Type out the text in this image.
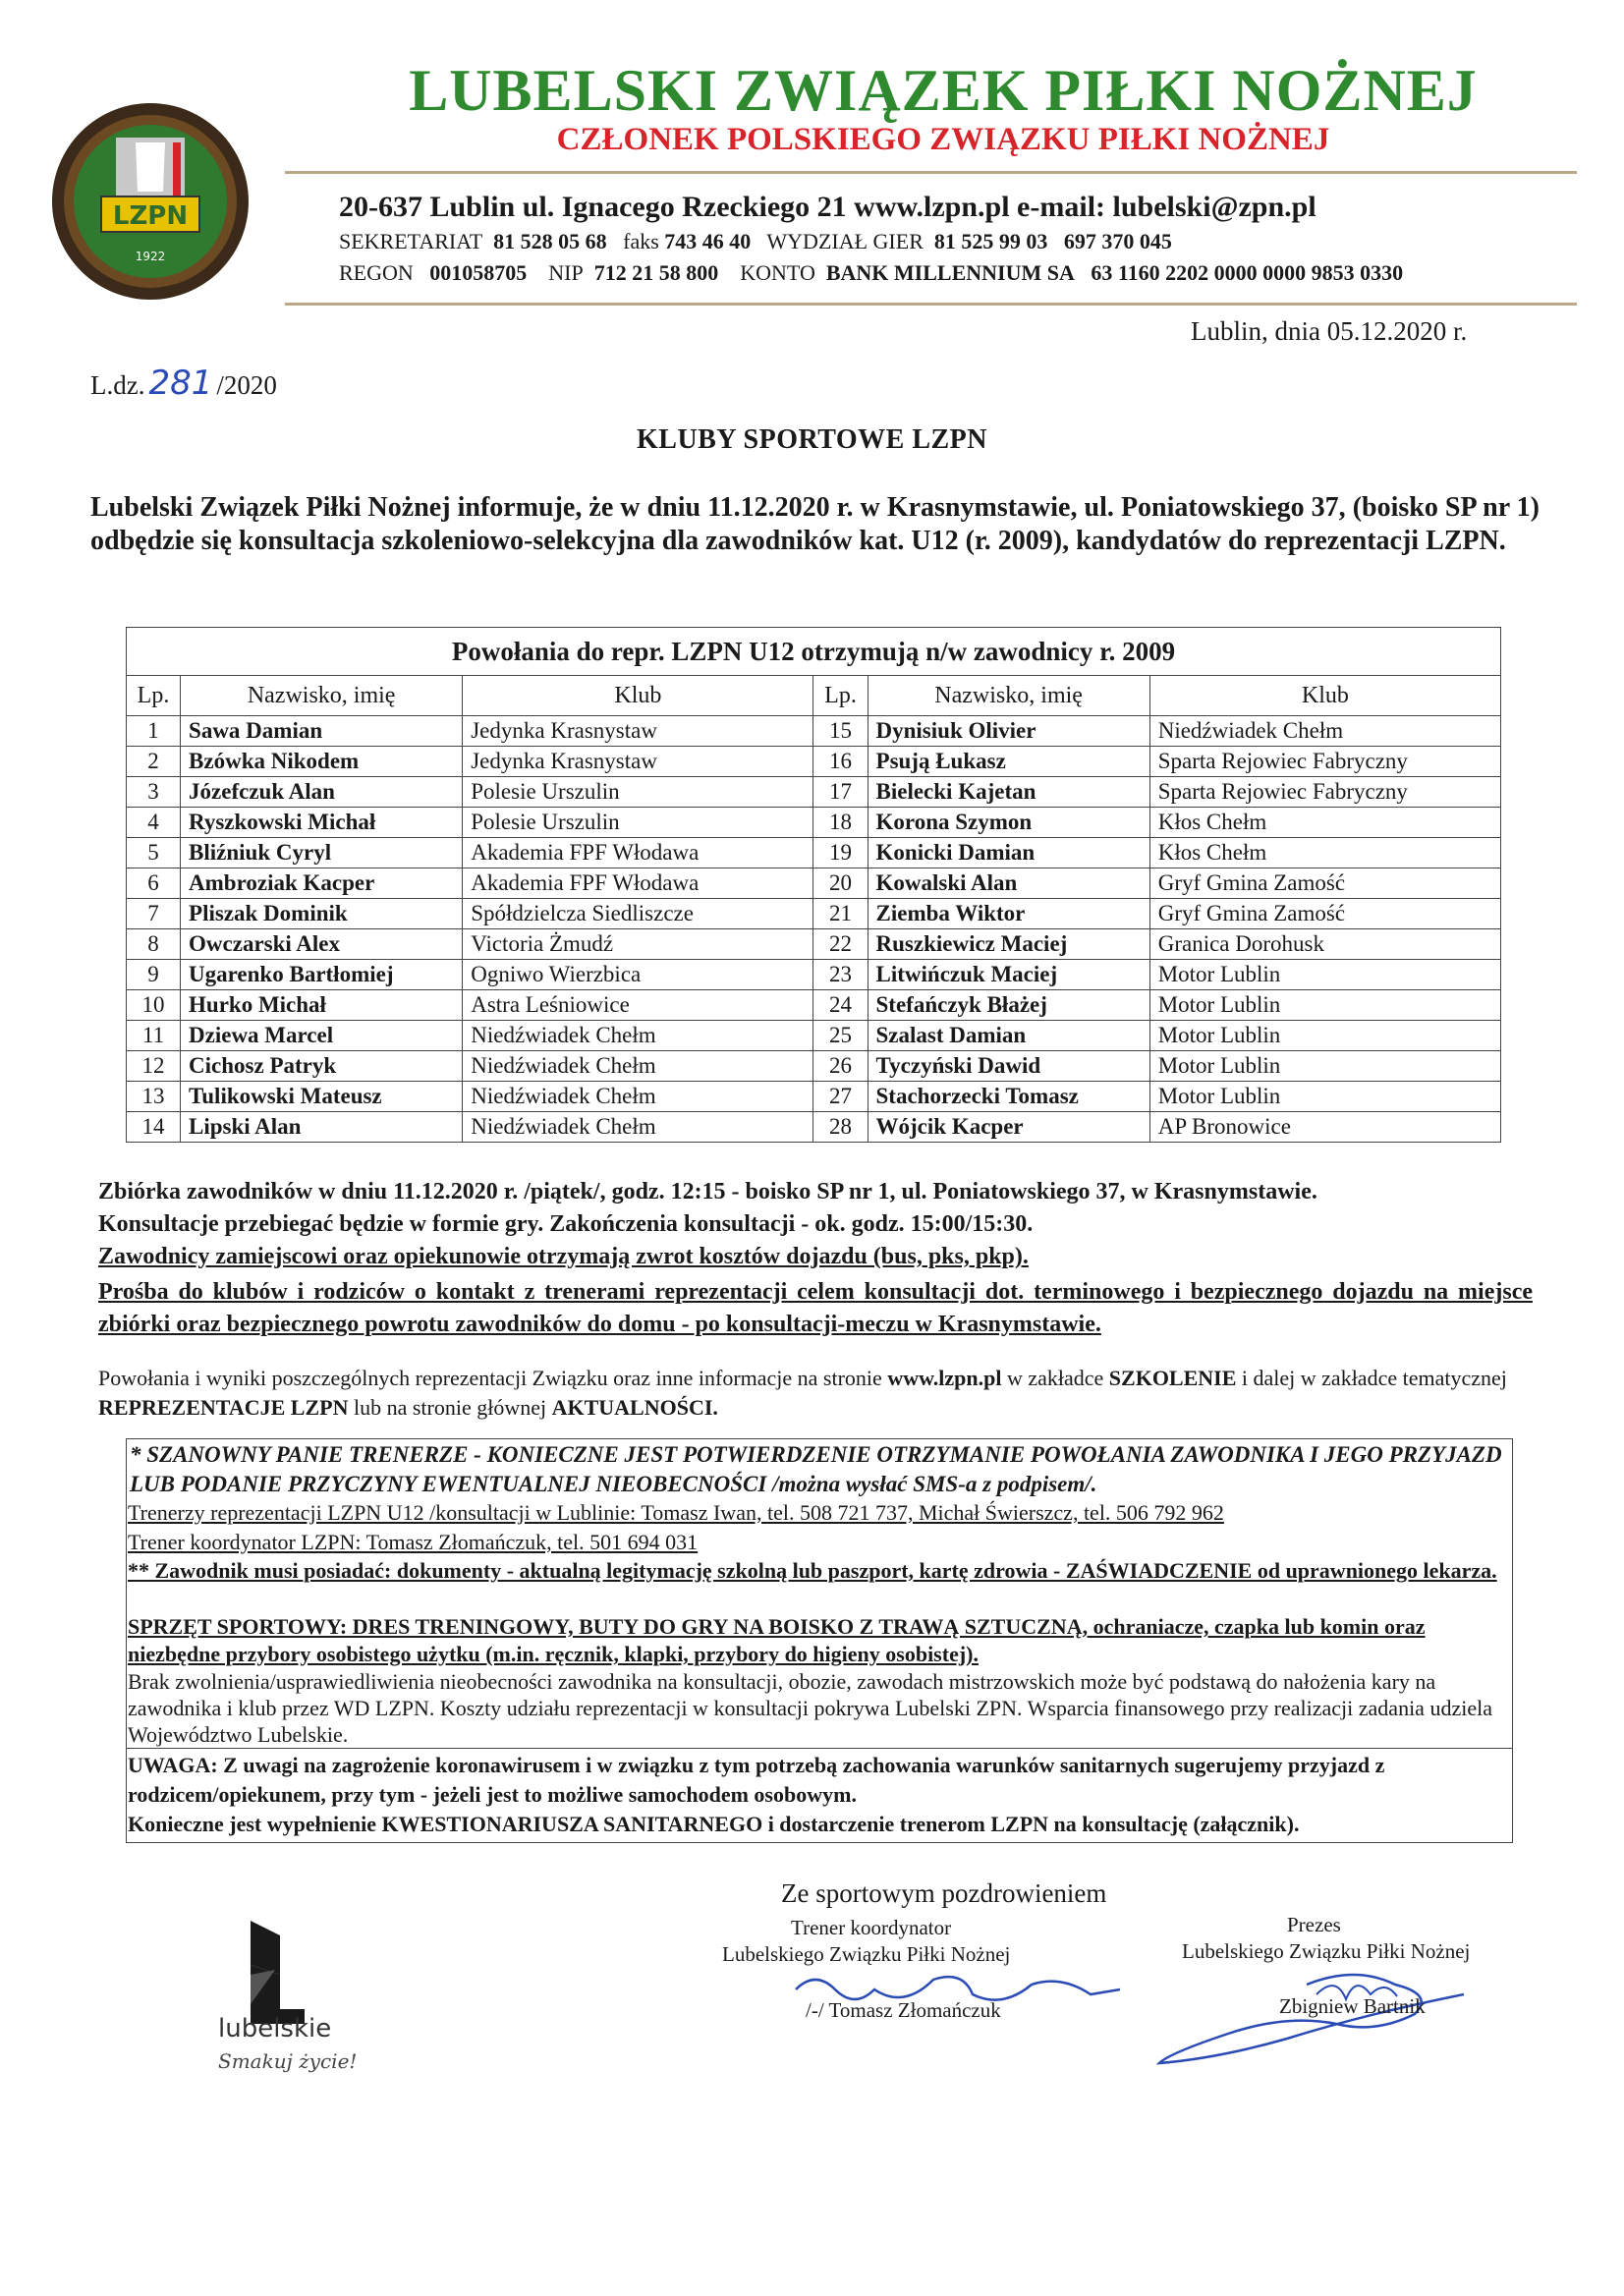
LZPN
1922
LUBELSKI ZWIĄZEK PIŁKI NOŻNEJ
CZŁONEK POLSKIEGO ZWIĄZKU PIŁKI NOŻNEJ
20-637 Lublin ul. Ignacego Rzeckiego 21 www.lzpn.pl e-mail: lubelski@zpn.pl
SEKRETARIAT 81 528 05 68 faks 743 46 40 WYDZIAŁ GIER 81 525 99 03 697 370 045
REGON 001058705 NIP 712 21 58 800 KONTO BANK MILLENNIUM SA 63 1160 2202 0000 0000 9853 0330
Lublin, dnia 05.12.2020 r.
L.dz. 281 /2020
KLUBY SPORTOWE LZPN
Lubelski Związek Piłki Nożnej informuje, że w dniu 11.12.2020 r. w Krasnymstawie, ul. Poniatowskiego 37, (boisko SP nr 1) odbędzie się konsultacja szkoleniowo-selekcyjna dla zawodników kat. U12 (r. 2009), kandydatów do reprezentacji LZPN.
Powołania do repr. LZPN U12 otrzymują n/w zawodnicy r. 2009					
Lp.	Nazwisko, imię	Klub	Lp.	Nazwisko, imię	Klub
1	Sawa Damian	Jedynka Krasnystaw	15	Dynisiuk Olivier	Niedźwiadek Chełm
2	Bzówka Nikodem	Jedynka Krasnystaw	16	Psują Łukasz	Sparta Rejowiec Fabryczny
3	Józefczuk Alan	Polesie Urszulin	17	Bielecki Kajetan	Sparta Rejowiec Fabryczny
4	Ryszkowski Michał	Polesie Urszulin	18	Korona Szymon	Kłos Chełm
5	Bliźniuk Cyryl	Akademia FPF Włodawa	19	Konicki Damian	Kłos Chełm
6	Ambroziak Kacper	Akademia FPF Włodawa	20	Kowalski Alan	Gryf Gmina Zamość
7	Pliszak Dominik	Spółdzielcza Siedliszcze	21	Ziemba Wiktor	Gryf Gmina Zamość
8	Owczarski Alex	Victoria Żmudź	22	Ruszkiewicz Maciej	Granica Dorohusk
9	Ugarenko Bartłomiej	Ogniwo Wierzbica	23	Litwińczuk Maciej	Motor Lublin
10	Hurko Michał	Astra Leśniowice	24	Stefańczyk Błażej	Motor Lublin
11	Dziewa Marcel	Niedźwiadek Chełm	25	Szalast Damian	Motor Lublin
12	Cichosz Patryk	Niedźwiadek Chełm	26	Tyczyński Dawid	Motor Lublin
13	Tulikowski Mateusz	Niedźwiadek Chełm	27	Stachorzecki Tomasz	Motor Lublin
14	Lipski Alan	Niedźwiadek Chełm	28	Wójcik Kacper	AP Bronowice
Zbiórka zawodników w dniu 11.12.2020 r. /piątek/, godz. 12:15 - boisko SP nr 1, ul. Poniatowskiego 37, w Krasnymstawie.
Konsultacje przebiegać będzie w formie gry. Zakończenia konsultacji - ok. godz. 15:00/15:30.
Zawodnicy zamiejscowi oraz opiekunowie otrzymają zwrot kosztów dojazdu (bus, pks, pkp).
Prośba do klubów i rodziców o kontakt z trenerami reprezentacji celem konsultacji dot. terminowego i bezpiecznego dojazdu na miejsce zbiórki oraz bezpiecznego powrotu zawodników do domu - po konsultacji-meczu w Krasnymstawie.
Powołania i wyniki poszczególnych reprezentacji Związku oraz inne informacje na stronie www.lzpn.pl w zakładce SZKOLENIE i dalej w zakładce tematycznej REPREZENTACJE LZPN lub na stronie głównej AKTUALNOŚCI.
* SZANOWNY PANIE TRENERZE - KONIECZNE JEST POTWIERDZENIE OTRZYMANIE POWOŁANIA ZAWODNIKA I JEGO PRZYJAZD LUB PODANIE PRZYCZYNY EWENTUALNEJ NIEOBECNOŚCI /można wysłać SMS-a z podpisem/.
Trenerzy reprezentacji LZPN U12 /konsultacji w Lublinie: Tomasz Iwan, tel. 508 721 737, Michał Świerszcz, tel. 506 792 962
Trener koordynator LZPN: Tomasz Złomańczuk, tel. 501 694 031
** Zawodnik musi posiadać: dokumenty - aktualną legitymację szkolną lub paszport, kartę zdrowia - ZAŚWIADCZENIE od uprawnionego lekarza.
SPRZĘT SPORTOWY: DRES TRENINGOWY, BUTY DO GRY NA BOISKO Z TRAWĄ SZTUCZNĄ, ochraniacze, czapka lub komin oraz niezbędne przybory osobistego użytku (m.in. ręcznik, klapki, przybory do higieny osobistej).
Brak zwolnienia/usprawiedliwienia nieobecności zawodnika na konsultacji, obozie, zawodach mistrzowskich może być podstawą do nałożenia kary na zawodnika i klub przez WD LZPN. Koszty udziału reprezentacji w konsultacji pokrywa Lubelski ZPN. Wsparcia finansowego przy realizacji zadania udziela Województwo Lubelskie.
UWAGA: Z uwagi na zagrożenie koronawirusem i w związku z tym potrzebą zachowania warunków sanitarnych sugerujemy przyjazd z rodzicem/opiekunem, przy tym - jeżeli jest to możliwe samochodem osobowym.
Konieczne jest wypełnienie KWESTIONARIUSZA SANITARNEGO i dostarczenie trenerom LZPN na konsultację (załącznik).
Ze sportowym pozdrowieniem
Trener koordynator
Lubelskiego Związku Piłki Nożnej
/-/ Tomasz Złomańczuk
Prezes
Lubelskiego Związku Piłki Nożnej
Zbigniew Bartnik
lubelskie
Smakuj życie!
